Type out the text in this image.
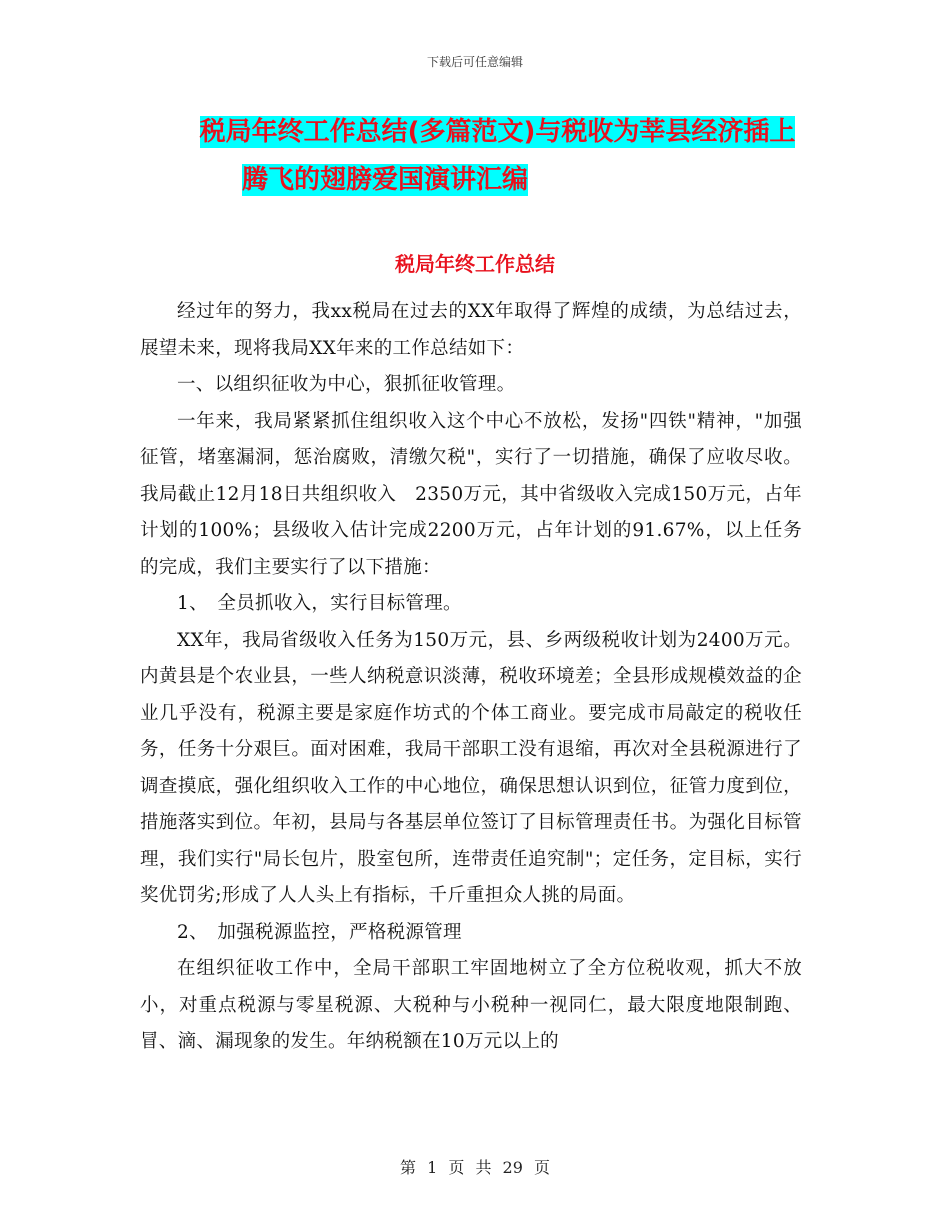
下载后可任意编辑
税局年终工作总结(多篇范文)与税收为莘县经济插上
腾飞的翅膀爱国演讲汇编
税局年终工作总结

经过年的努力，我xx税局在过去的XX年取得了辉煌的成绩，为总结过去，展望未来，现将我局XX年来的工作总结如下：

一、以组织征收为中心，狠抓征收管理。

一年来，我局紧紧抓住组织收入这个中心不放松，发扬"四铁"精神，"加强征管，堵塞漏洞，惩治腐败，清缴欠税"，实行了一切措施，确保了应收尽收。我局截止12月18日共组织收入　2350万元，其中省级收入完成150万元，占年计划的100%；县级收入估计完成2200万元，占年计划的91.67%，以上任务的完成，我们主要实行了以下措施：

1、　全员抓收入，实行目标管理。

XX年，我局省级收入任务为150万元，县、乡两级税收计划为2400万元。内黄县是个农业县，一些人纳税意识淡薄，税收环境差；全县形成规模效益的企业几乎没有，税源主要是家庭作坊式的个体工商业。要完成市局敲定的税收任务，任务十分艰巨。面对困难，我局干部职工没有退缩，再次对全县税源进行了调查摸底，强化组织收入工作的中心地位，确保思想认识到位，征管力度到位，措施落实到位。年初，县局与各基层单位签订了目标管理责任书。为强化目标管理，我们实行"局长包片，股室包所，连带责任追究制"；定任务，定目标，实行奖优罚劣;形成了人人头上有指标，千斤重担众人挑的局面。

2、　加强税源监控，严格税源管理

在组织征收工作中，全局干部职工牢固地树立了全方位税收观，抓大不放小，对重点税源与零星税源、大税种与小税种一视同仁，最大限度地限制跑、冒、滴、漏现象的发生。年纳税额在10万元以上的

第 1 页 共 29 页
